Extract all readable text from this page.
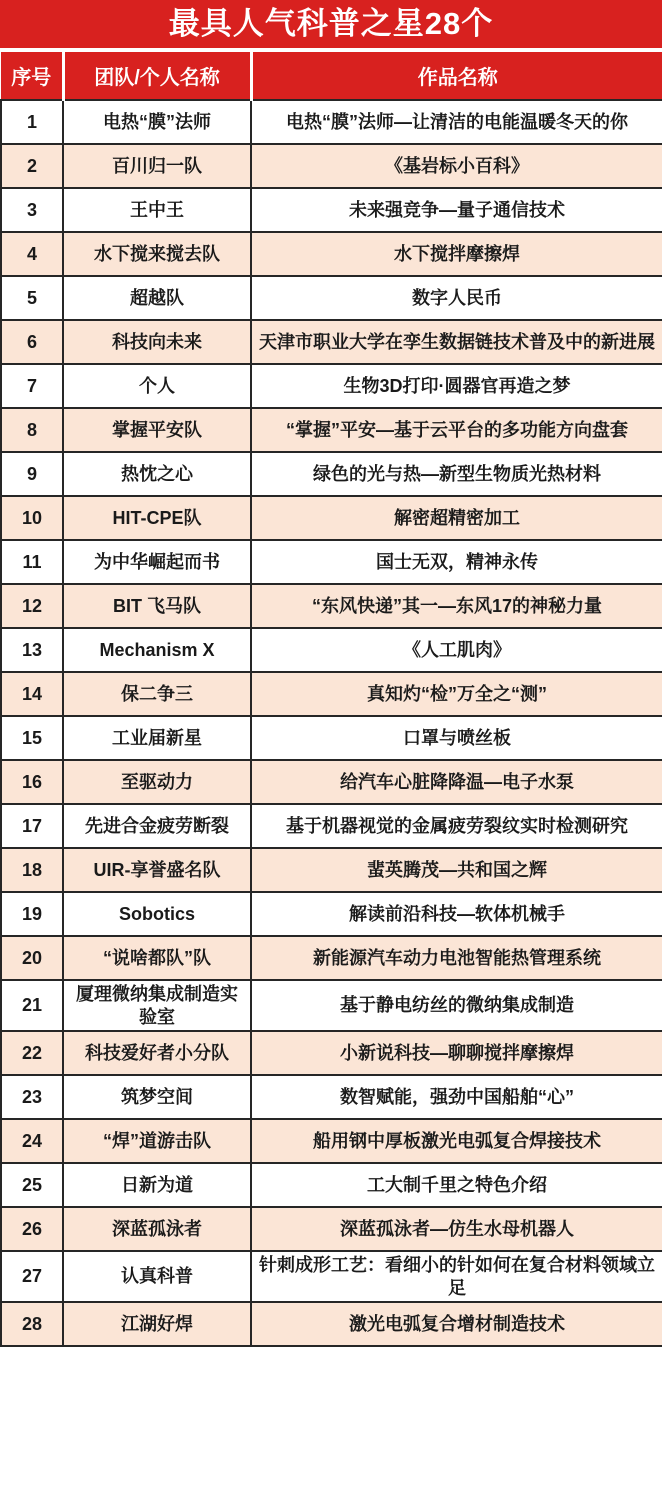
最具人气科普之星28个
序号	团队/个人名称	作品名称
1	电热“膜”法师	电热“膜”法师—让清洁的电能温暖冬天的你
2	百川归一队	《基岩标小百科》
3	王中王	未来强竞争—量子通信技术
4	水下搅来搅去队	水下搅拌摩擦焊
5	超越队	数字人民币
6	科技向未来	天津市职业大学在孪生数据链技术普及中的新进展
7	个人	生物3D打印·圆器官再造之梦
8	掌握平安队	“掌握”平安—基于云平台的多功能方向盘套
9	热忱之心	绿色的光与热—新型生物质光热材料
10	HIT-CPE队	解密超精密加工
11	为中华崛起而书	国士无双，精神永传
12	BIT 飞马队	“东风快递”其一—东风17的神秘力量
13	Mechanism X	《人工肌肉》
14	保二争三	真知灼“检”万全之“测”
15	工业届新星	口罩与喷丝板
16	至驱动力	给汽车心脏降降温—电子水泵
17	先进合金疲劳断裂	基于机器视觉的金属疲劳裂纹实时检测研究
18	UIR-享誉盛名队	蜚英腾茂—共和国之辉
19	Sobotics	解读前沿科技—软体机械手
20	“说啥都队”队	新能源汽车动力电池智能热管理系统
21	厦理微纳集成制造实验室	基于静电纺丝的微纳集成制造
22	科技爱好者小分队	小新说科技—聊聊搅拌摩擦焊
23	筑梦空间	数智赋能，强劲中国船舶“心”
24	“焊”道游击队	船用钢中厚板激光电弧复合焊接技术
25	日新为道	工大制千里之特色介绍
26	深蓝孤泳者	深蓝孤泳者—仿生水母机器人
27	认真科普	针刺成形工艺：看细小的针如何在复合材料领域立足
28	江湖好焊	激光电弧复合增材制造技术
